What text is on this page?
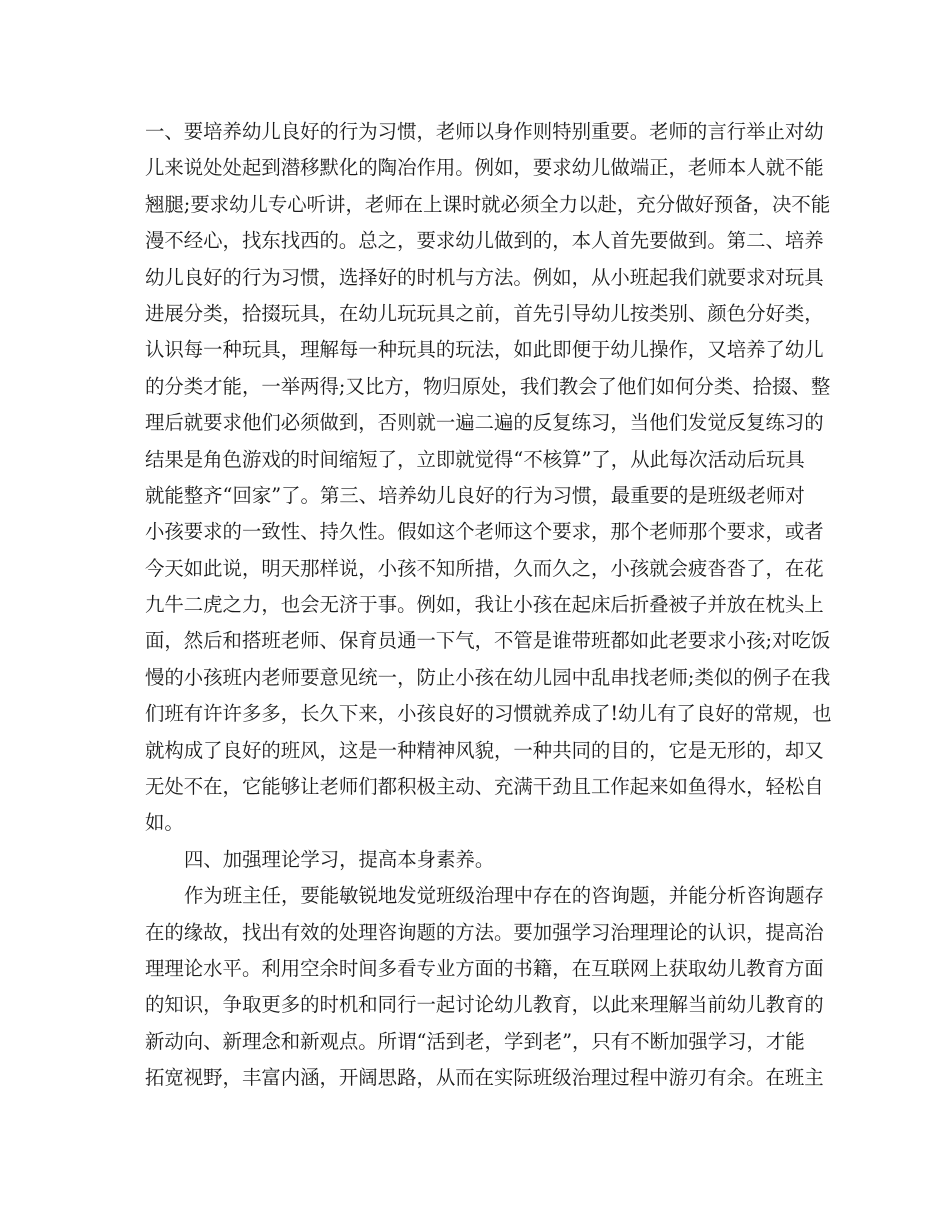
一、要培养幼儿良好的行为习惯，老师以身作则特别重要。老师的言行举止对幼
儿来说处处起到潜移默化的陶冶作用。例如，要求幼儿做端正，老师本人就不能
翘腿;要求幼儿专心听讲，老师在上课时就必须全力以赴，充分做好预备，决不能
漫不经心，找东找西的。总之，要求幼儿做到的，本人首先要做到。第二、培养
幼儿良好的行为习惯，选择好的时机与方法。例如，从小班起我们就要求对玩具
进展分类，拾掇玩具，在幼儿玩玩具之前，首先引导幼儿按类别、颜色分好类，
认识每一种玩具，理解每一种玩具的玩法，如此即便于幼儿操作，又培养了幼儿
的分类才能，一举两得;又比方，物归原处，我们教会了他们如何分类、拾掇、整
理后就要求他们必须做到，否则就一遍二遍的反复练习，当他们发觉反复练习的
结果是角色游戏的时间缩短了，立即就觉得“不核算”了，从此每次活动后玩具
就能整齐“回家”了。第三、培养幼儿良好的行为习惯，最重要的是班级老师对
小孩要求的一致性、持久性。假如这个老师这个要求，那个老师那个要求，或者
今天如此说，明天那样说，小孩不知所措，久而久之，小孩就会疲沓沓了，在花
九牛二虎之力，也会无济于事。例如，我让小孩在起床后折叠被子并放在枕头上
面，然后和搭班老师、保育员通一下气，不管是谁带班都如此老要求小孩;对吃饭
慢的小孩班内老师要意见统一，防止小孩在幼儿园中乱串找老师;类似的例子在我
们班有许许多多，长久下来，小孩良好的习惯就养成了!幼儿有了良好的常规，也
就构成了良好的班风，这是一种精神风貌，一种共同的目的，它是无形的，却又
无处不在，它能够让老师们都积极主动、充满干劲且工作起来如鱼得水，轻松自
如。
四、加强理论学习，提高本身素养。
作为班主任，要能敏锐地发觉班级治理中存在的咨询题，并能分析咨询题存
在的缘故，找出有效的处理咨询题的方法。要加强学习治理理论的认识，提高治
理理论水平。利用空余时间多看专业方面的书籍，在互联网上获取幼儿教育方面
的知识，争取更多的时机和同行一起讨论幼儿教育，以此来理解当前幼儿教育的
新动向、新理念和新观点。所谓“活到老，学到老”，只有不断加强学习，才能
拓宽视野，丰富内涵，开阔思路，从而在实际班级治理过程中游刃有余。在班主
